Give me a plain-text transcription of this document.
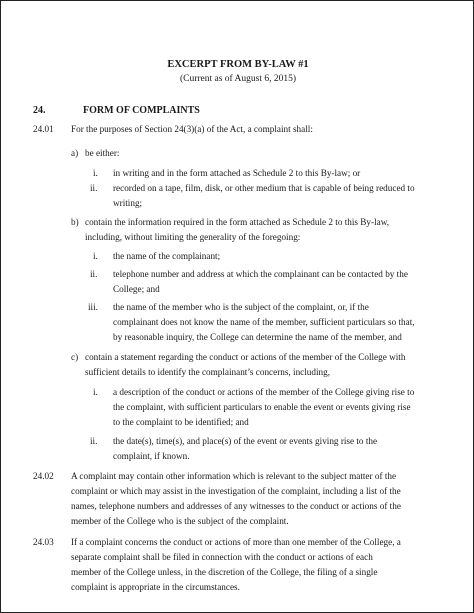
EXCERPT FROM BY-LAW #1
(Current as of August 6, 2015)
24.	FORM OF COMPLAINTS
24.01 For the purposes of Section 24(3)(a) of the Act, a complaint shall:
a) be either:
i. in writing and in the form attached as Schedule 2 to this By-law; or
ii. recorded on a tape, film, disk, or other medium that is capable of being reduced to
writing;
b) contain the information required in the form attached as Schedule 2 to this By-law,
including, without limiting the generality of the foregoing:
i. the name of the complainant;
ii. telephone number and address at which the complainant can be contacted by the
College; and
iii. the name of the member who is the subject of the complaint, or, if the
complainant does not know the name of the member, sufficient particulars so that,
by reasonable inquiry, the College can determine the name of the member, and
c) contain a statement regarding the conduct or actions of the member of the College with
sufficient details to identify the complainant’s concerns, including,
i. a description of the conduct or actions of the member of the College giving rise to
the complaint, with sufficient particulars to enable the event or events giving rise
to the complaint to be identified; and
ii. the date(s), time(s), and place(s) of the event or events giving rise to the
complaint, if known.
24.02 A complaint may contain other information which is relevant to the subject matter of the
complaint or which may assist in the investigation of the complaint, including a list of the
names, telephone numbers and addresses of any witnesses to the conduct or actions of the
member of the College who is the subject of the complaint.
24.03 If a complaint concerns the conduct or actions of more than one member of the College, a
separate complaint shall be filed in connection with the conduct or actions of each
member of the College unless, in the discretion of the College, the filing of a single
complaint is appropriate in the circumstances.
